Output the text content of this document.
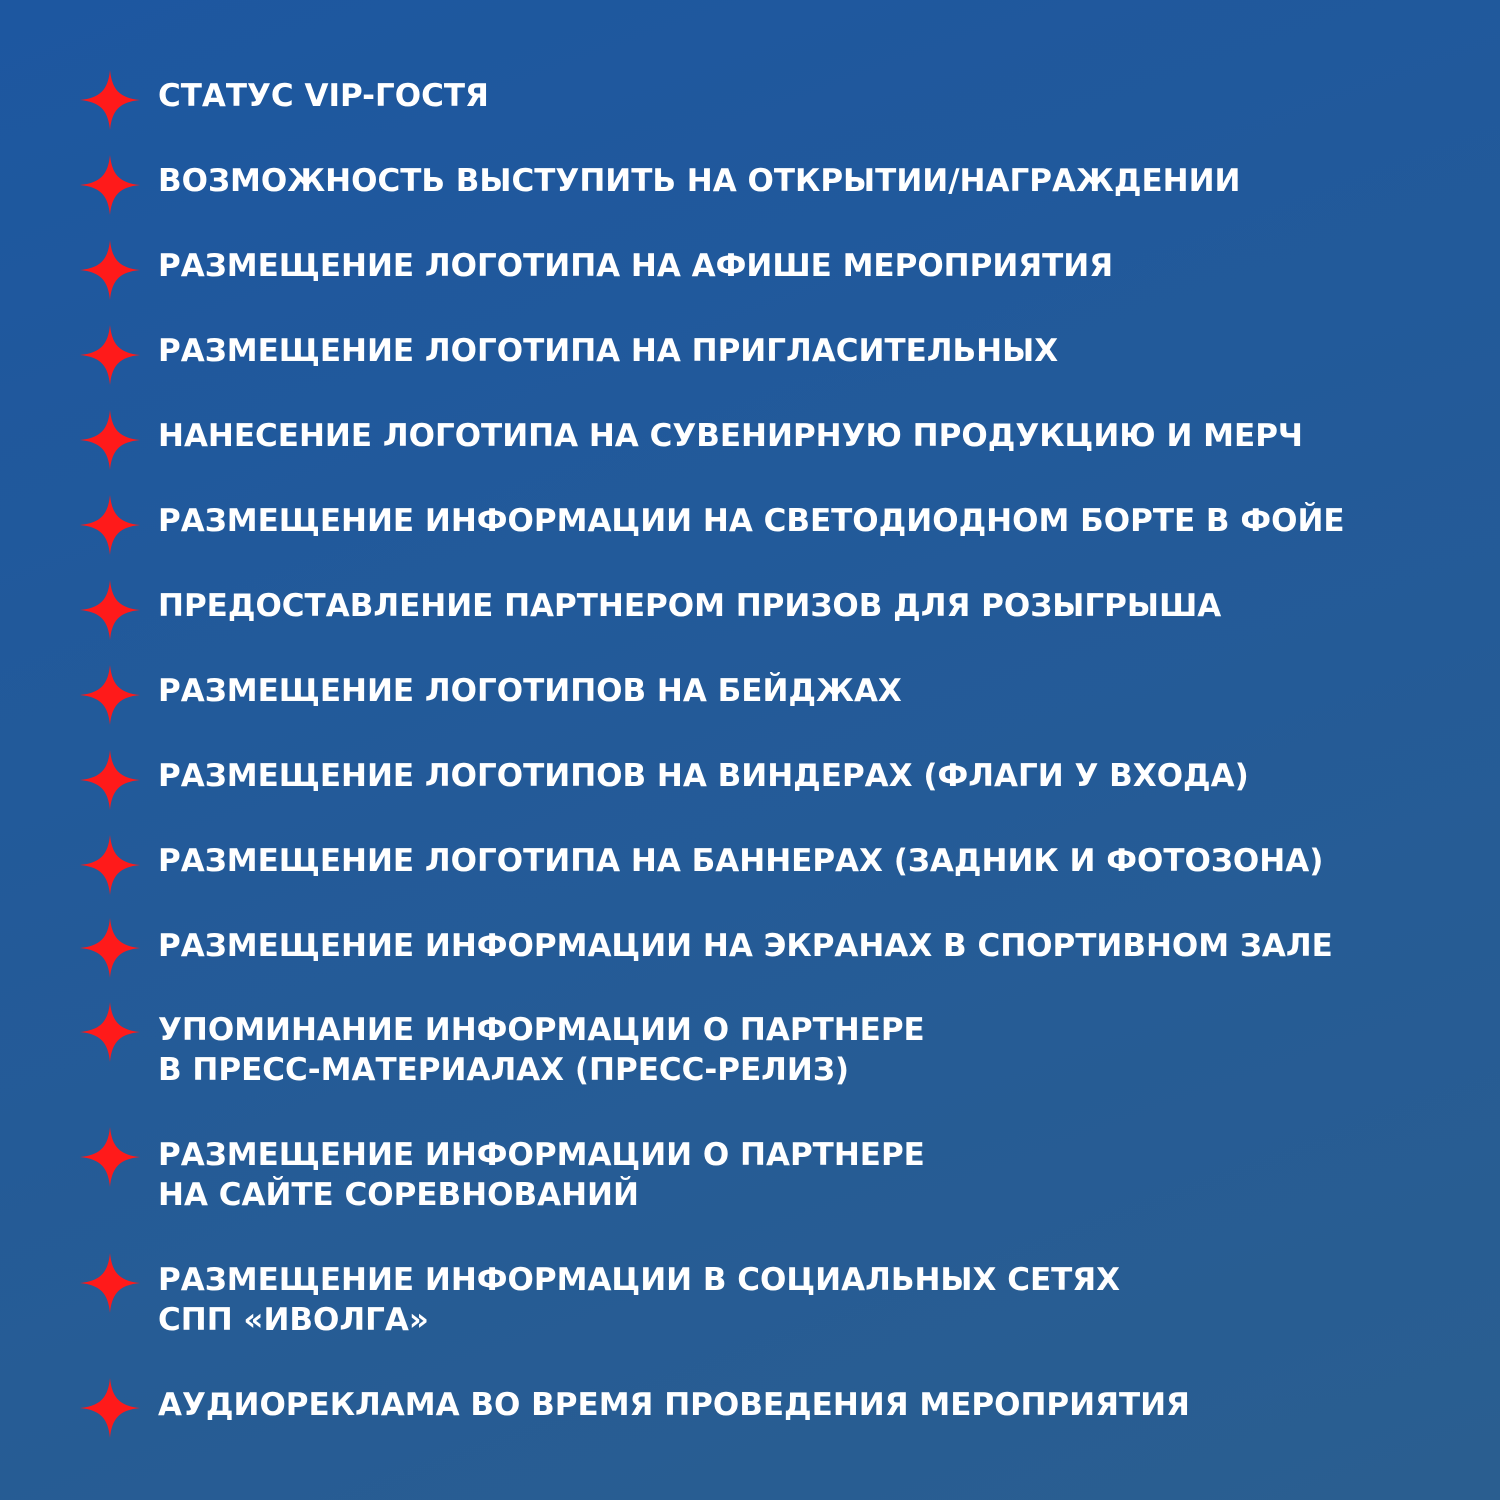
СТАТУС VIP-ГОСТЯ
ВОЗМОЖНОСТЬ ВЫСТУПИТЬ НА ОТКРЫТИИ/НАГРАЖДЕНИИ
РАЗМЕЩЕНИЕ ЛОГОТИПА НА АФИШЕ МЕРОПРИЯТИЯ
РАЗМЕЩЕНИЕ ЛОГОТИПА НА ПРИГЛАСИТЕЛЬНЫХ
НАНЕСЕНИЕ ЛОГОТИПА НА СУВЕНИРНУЮ ПРОДУКЦИЮ И МЕРЧ
РАЗМЕЩЕНИЕ ИНФОРМАЦИИ НА СВЕТОДИОДНОМ БОРТЕ В ФОЙЕ
ПРЕДОСТАВЛЕНИЕ ПАРТНЕРОМ ПРИЗОВ ДЛЯ РОЗЫГРЫША
РАЗМЕЩЕНИЕ ЛОГОТИПОВ НА БЕЙДЖАХ
РАЗМЕЩЕНИЕ ЛОГОТИПОВ НА ВИНДЕРАХ (ФЛАГИ У ВХОДА)
РАЗМЕЩЕНИЕ ЛОГОТИПА НА БАННЕРАХ (ЗАДНИК И ФОТОЗОНА)
РАЗМЕЩЕНИЕ ИНФОРМАЦИИ НА ЭКРАНАХ В СПОРТИВНОМ ЗАЛЕ
УПОМИНАНИЕ ИНФОРМАЦИИ О ПАРТНЕРЕ
В ПРЕСС-МАТЕРИАЛАХ (ПРЕСС-РЕЛИЗ)
РАЗМЕЩЕНИЕ ИНФОРМАЦИИ О ПАРТНЕРЕ
НА САЙТЕ СОРЕВНОВАНИЙ
РАЗМЕЩЕНИЕ ИНФОРМАЦИИ В СОЦИАЛЬНЫХ СЕТЯХ
СПП «ИВОЛГА»
АУДИОРЕКЛАМА ВО ВРЕМЯ ПРОВЕДЕНИЯ МЕРОПРИЯТИЯ
